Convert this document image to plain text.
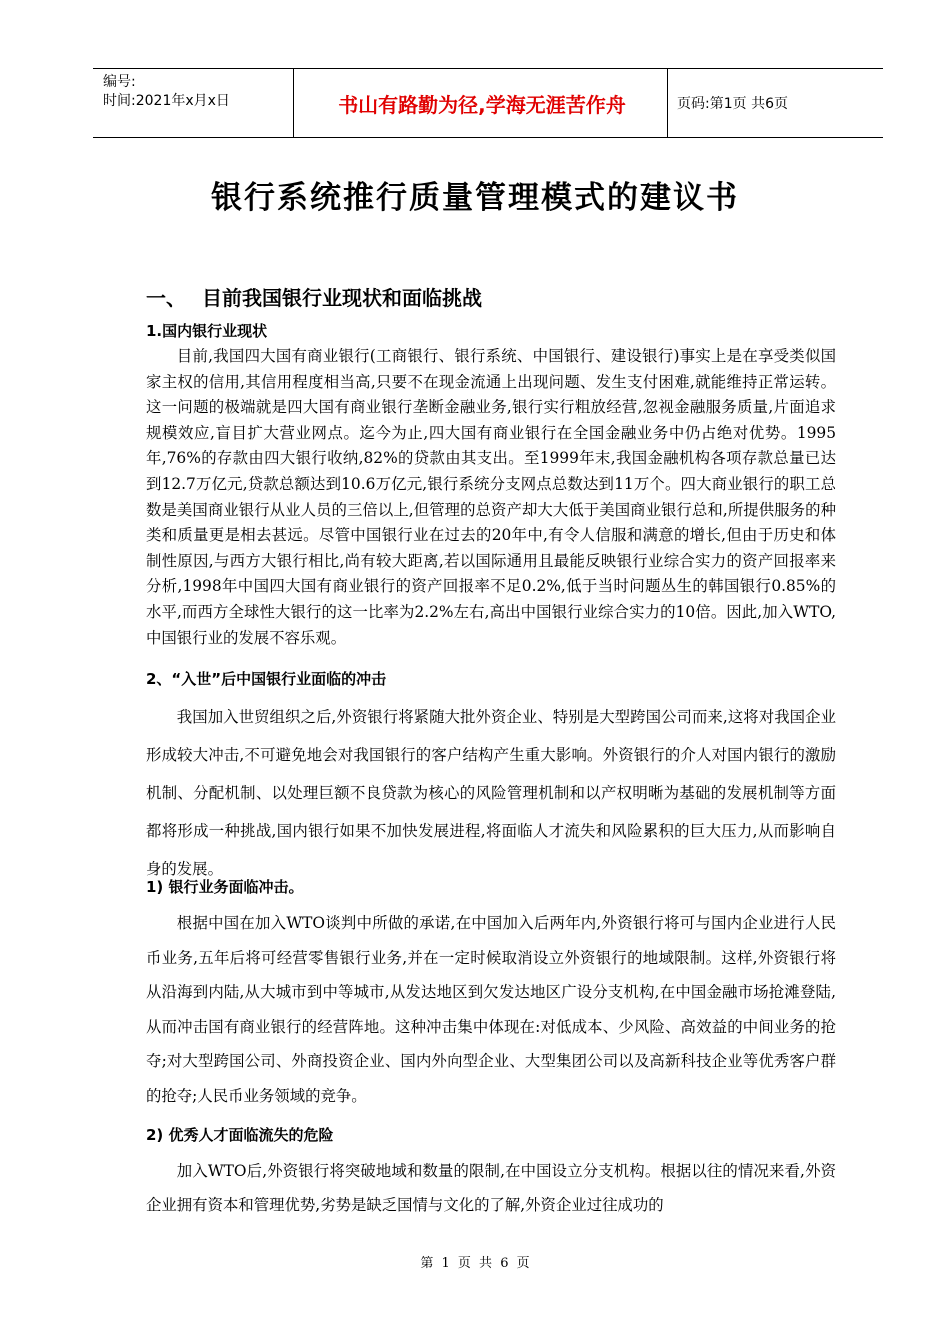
编号:
时间:2021年x月x日	书山有路勤为径,学海无涯苦作舟	页码:第1页 共6页
银行系统推行质量管理模式的建议书
一、 目前我国银行业现状和面临挑战
1.国内银行业现状

目前,我国四大国有商业银行(工商银行、银行系统、中国银行、建设银行)事实上是在享受类似国家主权的信用,其信用程度相当高,只要不在现金流通上出现问题、发生支付困难,就能维持正常运转。这一问题的极端就是四大国有商业银行垄断金融业务,银行实行粗放经营,忽视金融服务质量,片面追求规模效应,盲目扩大营业网点。迄今为止,四大国有商业银行在全国金融业务中仍占绝对优势。1995年,76%的存款由四大银行收纳,82%的贷款由其支出。至1999年末,我国金融机构各项存款总量已达到12.7万亿元,贷款总额达到10.6万亿元,银行系统分支网点总数达到11万个。四大商业银行的职工总数是美国商业银行从业人员的三倍以上,但管理的总资产却大大低于美国商业银行总和,所提供服务的种类和质量更是相去甚远。尽管中国银行业在过去的20年中,有令人信服和满意的增长,但由于历史和体制性原因,与西方大银行相比,尚有较大距离,若以国际通用且最能反映银行业综合实力的资产回报率来分析,1998年中国四大国有商业银行的资产回报率不足0.2%,低于当时问题丛生的韩国银行0.85%的水平,而西方全球性大银行的这一比率为2.2%左右,高出中国银行业综合实力的10倍。因此,加入WTO,中国银行业的发展不容乐观。

2、“入世”后中国银行业面临的冲击

我国加入世贸组织之后,外资银行将紧随大批外资企业、特别是大型跨国公司而来,这将对我国企业形成较大冲击,不可避免地会对我国银行的客户结构产生重大影响。外资银行的介人对国内银行的激励机制、分配机制、以处理巨额不良贷款为核心的风险管理机制和以产权明晰为基础的发展机制等方面都将形成一种挑战,国内银行如果不加快发展进程,将面临人才流失和风险累积的巨大压力,从而影响自身的发展。

1) 银行业务面临冲击。

根据中国在加入WTO谈判中所做的承诺,在中国加入后两年内,外资银行将可与国内企业进行人民币业务,五年后将可经营零售银行业务,并在一定时候取消设立外资银行的地域限制。这样,外资银行将从沿海到内陆,从大城市到中等城市,从发达地区到欠发达地区广设分支机构,在中国金融市场抢滩登陆,从而冲击国有商业银行的经营阵地。这种冲击集中体现在:对低成本、少风险、高效益的中间业务的抢夺;对大型跨国公司、外商投资企业、国内外向型企业、大型集团公司以及高新科技企业等优秀客户群的抢夺;人民币业务领域的竞争。

2) 优秀人才面临流失的危险

加入WTO后,外资银行将突破地域和数量的限制,在中国设立分支机构。根据以往的情况来看,外资企业拥有资本和管理优势,劣势是缺乏国情与文化的了解,外资企业过往成功的

第 1 页 共 6 页
